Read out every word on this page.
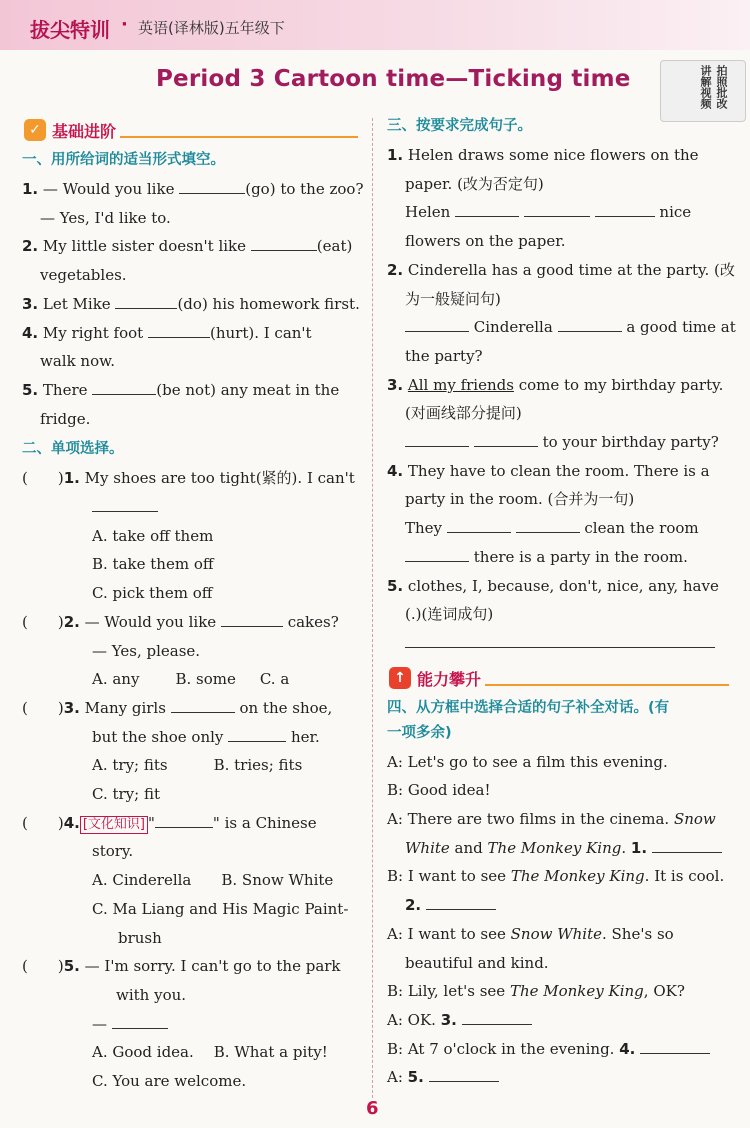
拔尖特训 · 英语(译林版)五年级下
讲解视频 拍照批改
Period 3 Cartoon time—Ticking time
✓ 基础进阶
一、用所给词的适当形式填空。
1. — Would you like	(go) to the zoo?
— Yes, I'd like to.
2. My little sister doesn't like	(eat)
vegetables.
3. Let Mike	(do) his homework first.
4. My right foot	(hurt). I can't
walk now.
5. There	(be not) any meat in the
fridge.
二、单项选择。
( )1. My shoes are too tight(紧的). I can't
A. take off them
B. take them off
C. pick them off
( )2. — Would you like	cakes?
— Yes, please.
A. any B. some C. a
( )3. Many girls	on the shoe,
but the shoe only	her.
A. try; fits	B. tries; fits
C. try; fit
( )4. [文化知识] "	" is a Chinese
story.
A. Cinderella B. Snow White
C. Ma Liang and His Magic Paint-
brush
( )5. — I'm sorry. I can't go to the park
with you.
—
A. Good idea. B. What a pity!
C. You are welcome.
三、按要求完成句子。
1. Helen draws some nice flowers on the
paper. (改为否定句)
Helen	nice
flowers on the paper.
2. Cinderella has a good time at the party. (改
为一般疑问句)
Cinderella	a good time at
the party?
3. All my friends come to my birthday party.
(对画线部分提问)
to your birthday party?
4. They have to clean the room. There is a
party in the room. (合并为一句)
They	clean the room
there is a party in the room.
5. clothes, I, because, don't, nice, any, have
(.)(连词成句)
↑ 能力攀升
四、从方框中选择合适的句子补全对话。(有
一项多余)
A: Let's go to see a film this evening.
B: Good idea!
A: There are two films in the cinema. Snow
White and The Monkey King. 1.
B: I want to see The Monkey King. It is cool.
2.
A: I want to see Snow White. She's so
beautiful and kind.
B: Lily, let's see The Monkey King, OK?
A: OK. 3.
B: At 7 o'clock in the evening. 4.
A: 5.
6
